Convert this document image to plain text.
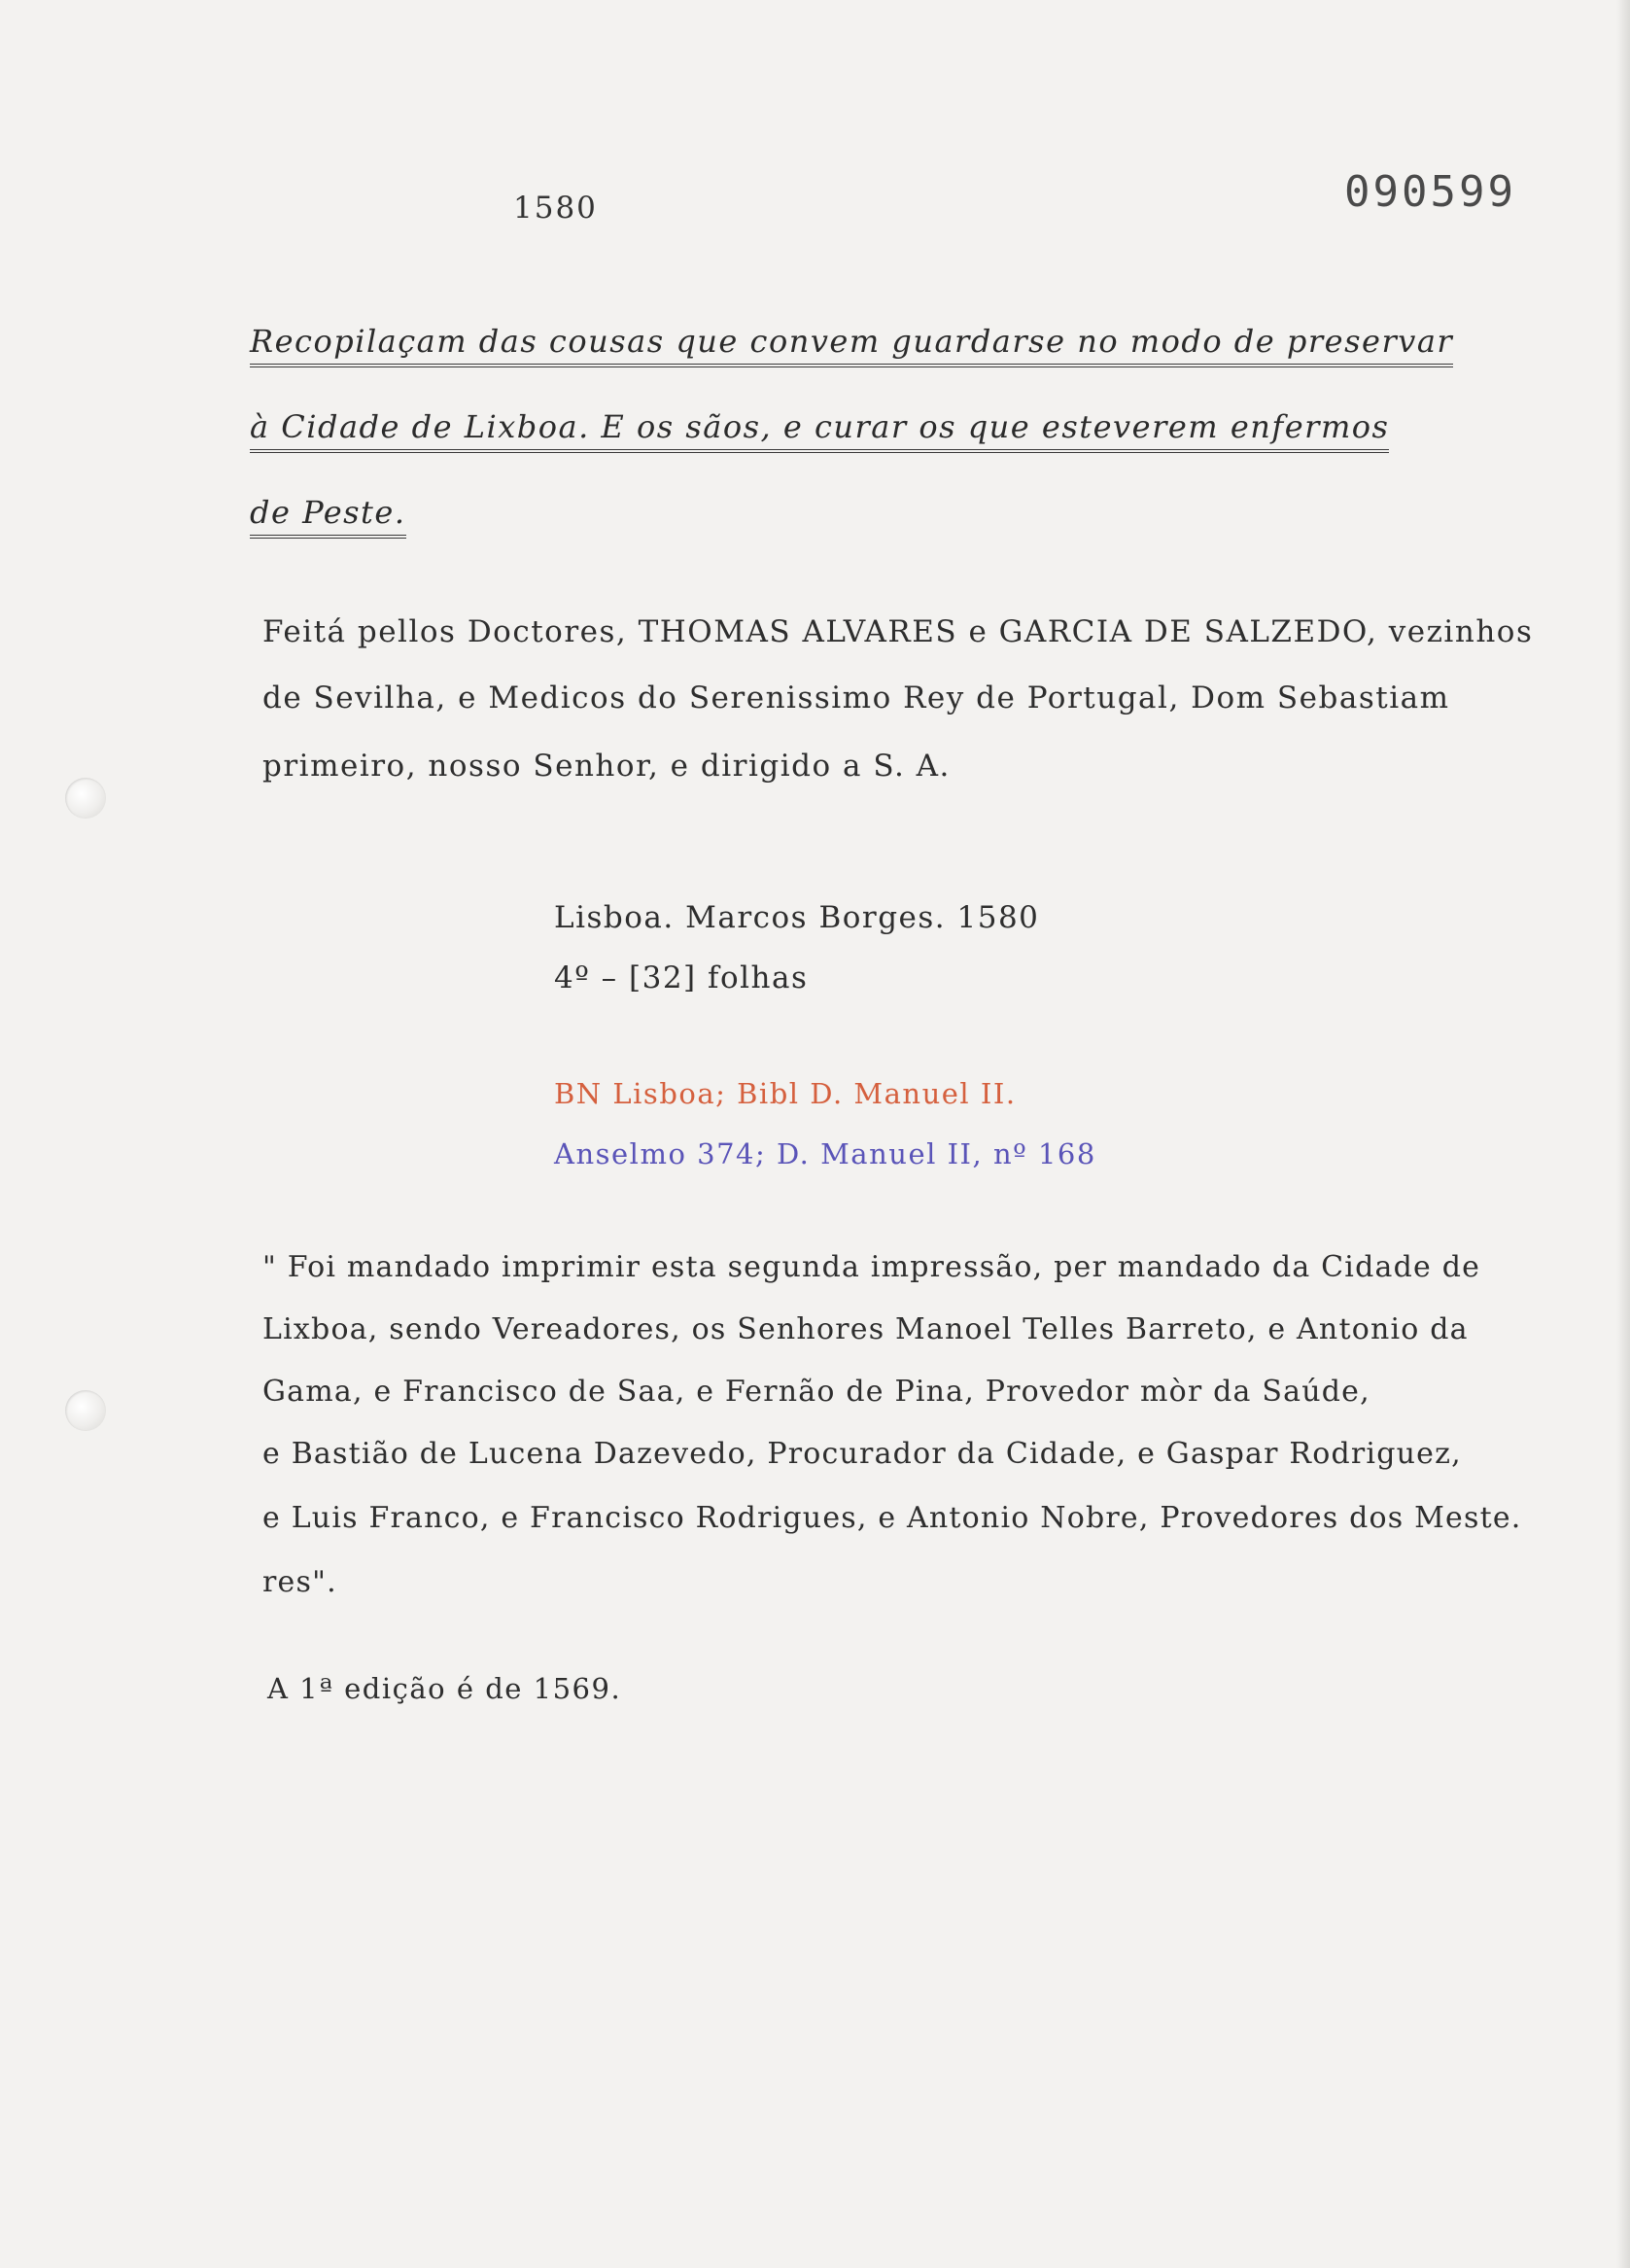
1580	090599
Recopilaçam das cousas que convem guardarse no modo de preservar
à Cidade de Lixboa. E os sãos, e curar os que esteverem enfermos
de Peste.
Feitá pellos Doctores, THOMAS ALVARES e GARCIA DE SALZEDO, vezinhos
de Sevilha, e Medicos do Serenissimo Rey de Portugal, Dom Sebastiam
primeiro, nosso Senhor, e dirigido a S. A.
Lisboa. Marcos Borges. 1580
4º – [32] folhas
BN Lisboa; Bibl D. Manuel II.
Anselmo 374; D. Manuel II, nº 168
" Foi mandado imprimir esta segunda impressão, per mandado da Cidade de
Lixboa, sendo Vereadores, os Senhores Manoel Telles Barreto, e Antonio da
Gama, e Francisco de Saa, e Fernão de Pina, Provedor mòr da Saúde,
e Bastião de Lucena Dazevedo, Procurador da Cidade, e Gaspar Rodriguez,
e Luis Franco, e Francisco Rodrigues, e Antonio Nobre, Provedores dos Meste.
res".
A 1ª edição é de 1569.
